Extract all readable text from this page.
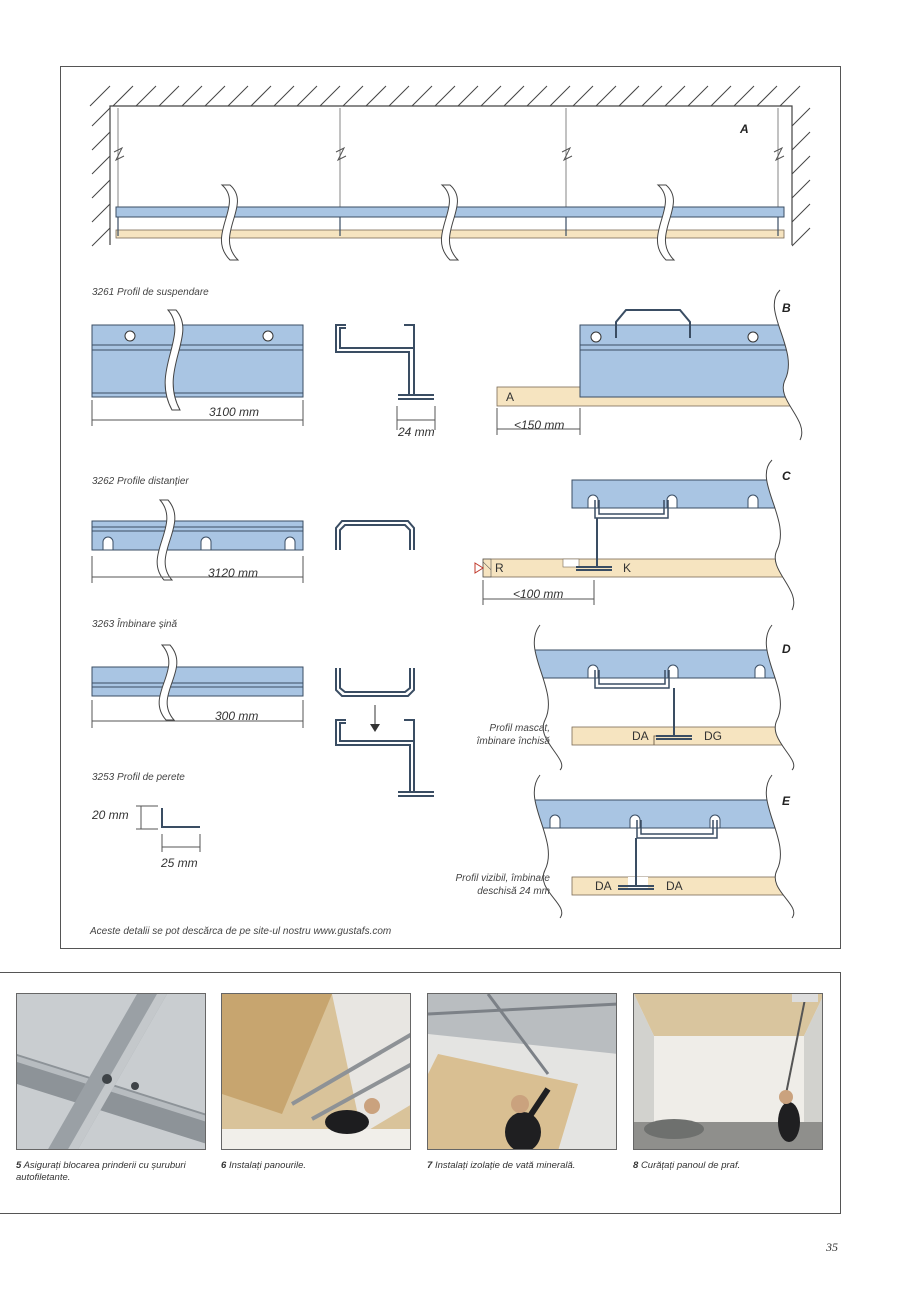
A
B
C
D
E
3261 Profil de suspendare
3262 Profile distanțier
3263 Îmbinare șină
3253 Profil de perete
3100 mm
24 mm	<150 mm
3120 mm
<100 mm
300 mm
20 mm
25 mm
A
R	K
DA	DG
DA	DA
Profil mascat,
îmbinare închisă
Profil vizibil, îmbinare
deschisă 24 mm
Aceste detalii se pot descărca de pe site-ul nostru www.gustafs.com
5 Asigurați blocarea prinderii cu șuruburi autofiletante.
6 Instalați panourile.	7 Instalați izolație de vată minerală.	8 Curățați panoul de praf.
35
